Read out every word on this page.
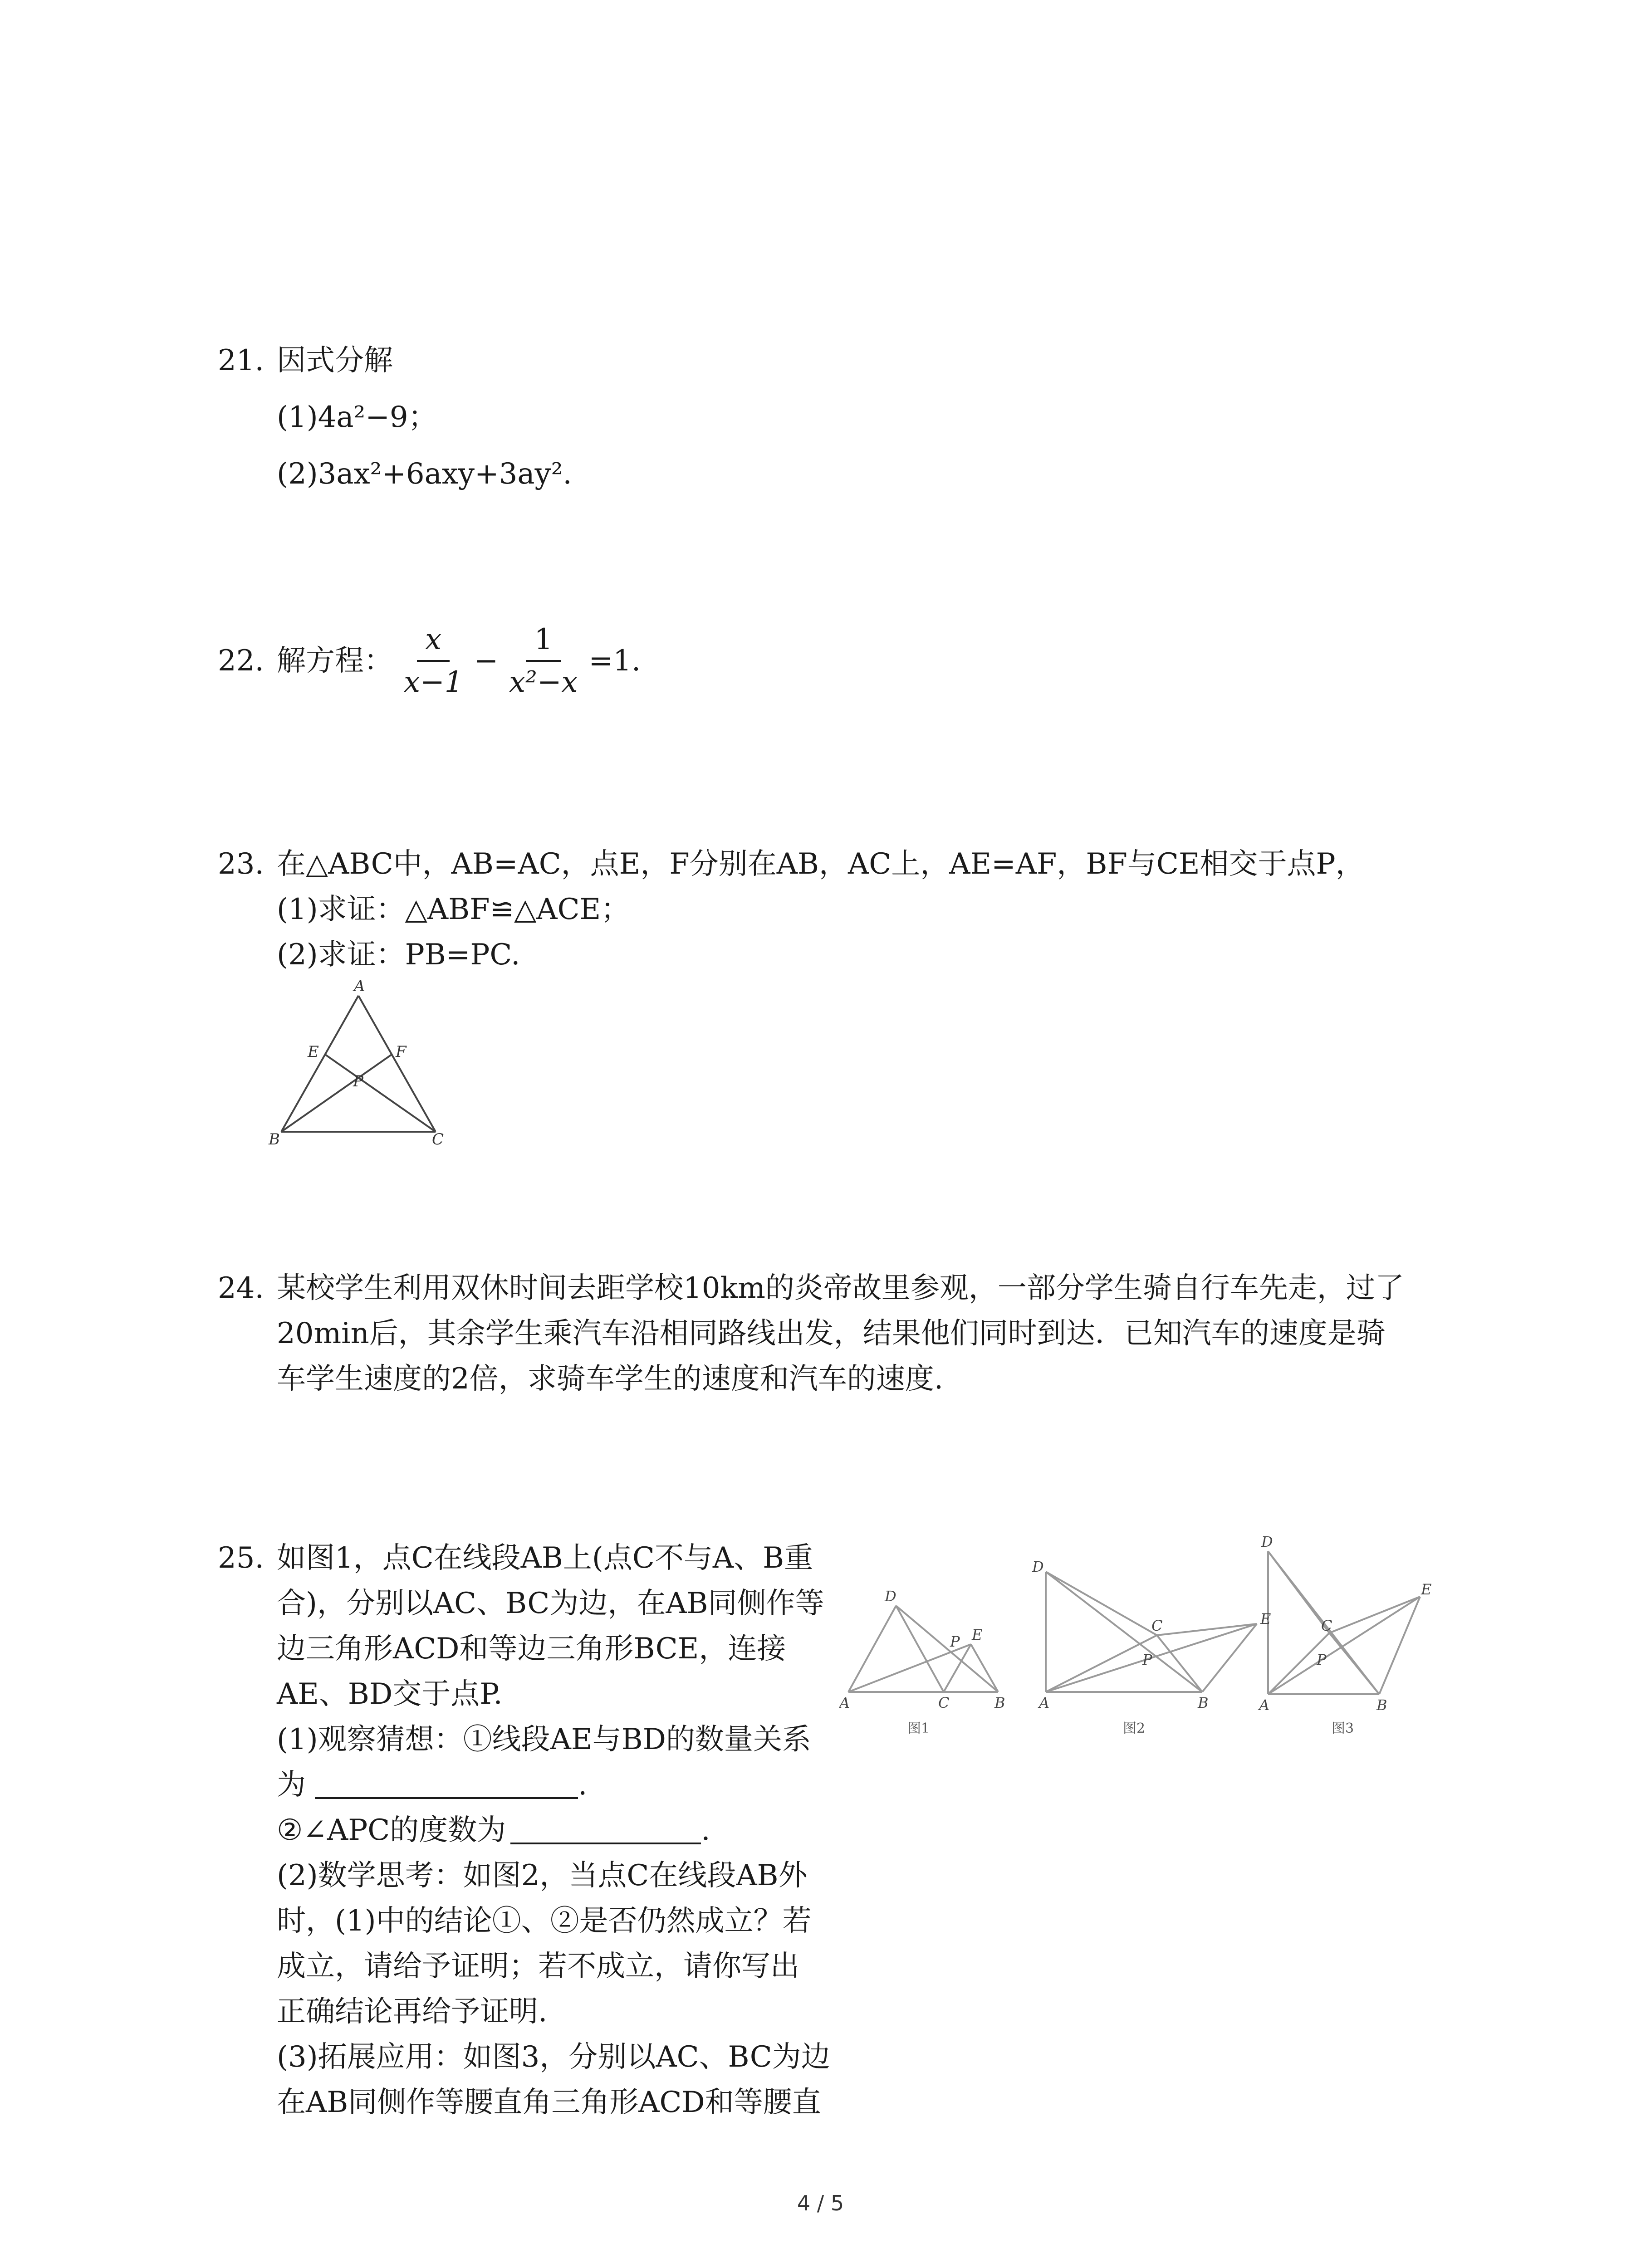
21. 因式分解
(1)4a²−9；
(2)3ax²+6axy+3ay².
22. 解方程： $\frac{x}{x-1} - \frac{1}{\text{x²−x}} =1$.
23. 在△ABC中，AB=AC，点E，F分别在AB，AC上，AE=AF，BF与CE相交于点P，
(1)求证：△ABF≌△ACE；
(2)求证：PB=PC.
A
E	F
P
B	C
24. 某校学生利用双休时间去距学校10km的炎帝故里参观，一部分学生骑自行车先走，过了
20min后，其余学生乘汽车沿相同路线出发，结果他们同时到达．已知汽车的速度是骑
车学生速度的2倍，求骑车学生的速度和汽车的速度.
25. 如图1，点C在线段AB上(点C不与A、B重
合)，分别以AC、BC为边，在AB同侧作等
边三角形ACD和等边三角形BCE，连接
AE、BD交于点P.
(1)观察猜想：①线段AE与BD的数量关系
为	.
②∠APC的度数为	.
(2)数学思考：如图2，当点C在线段AB外
时，(1)中的结论①、②是否仍然成立？若
成立，请给予证明；若不成立，请你写出
正确结论再给予证明.
(3)拓展应用：如图3，分别以AC、BC为边
在AB同侧作等腰直角三角形ACD和等腰直
A	C	B
D
E
P
D
A	B
C	E
P
D
A	B
C
E
P
图1	图2	图3
4 / 5
